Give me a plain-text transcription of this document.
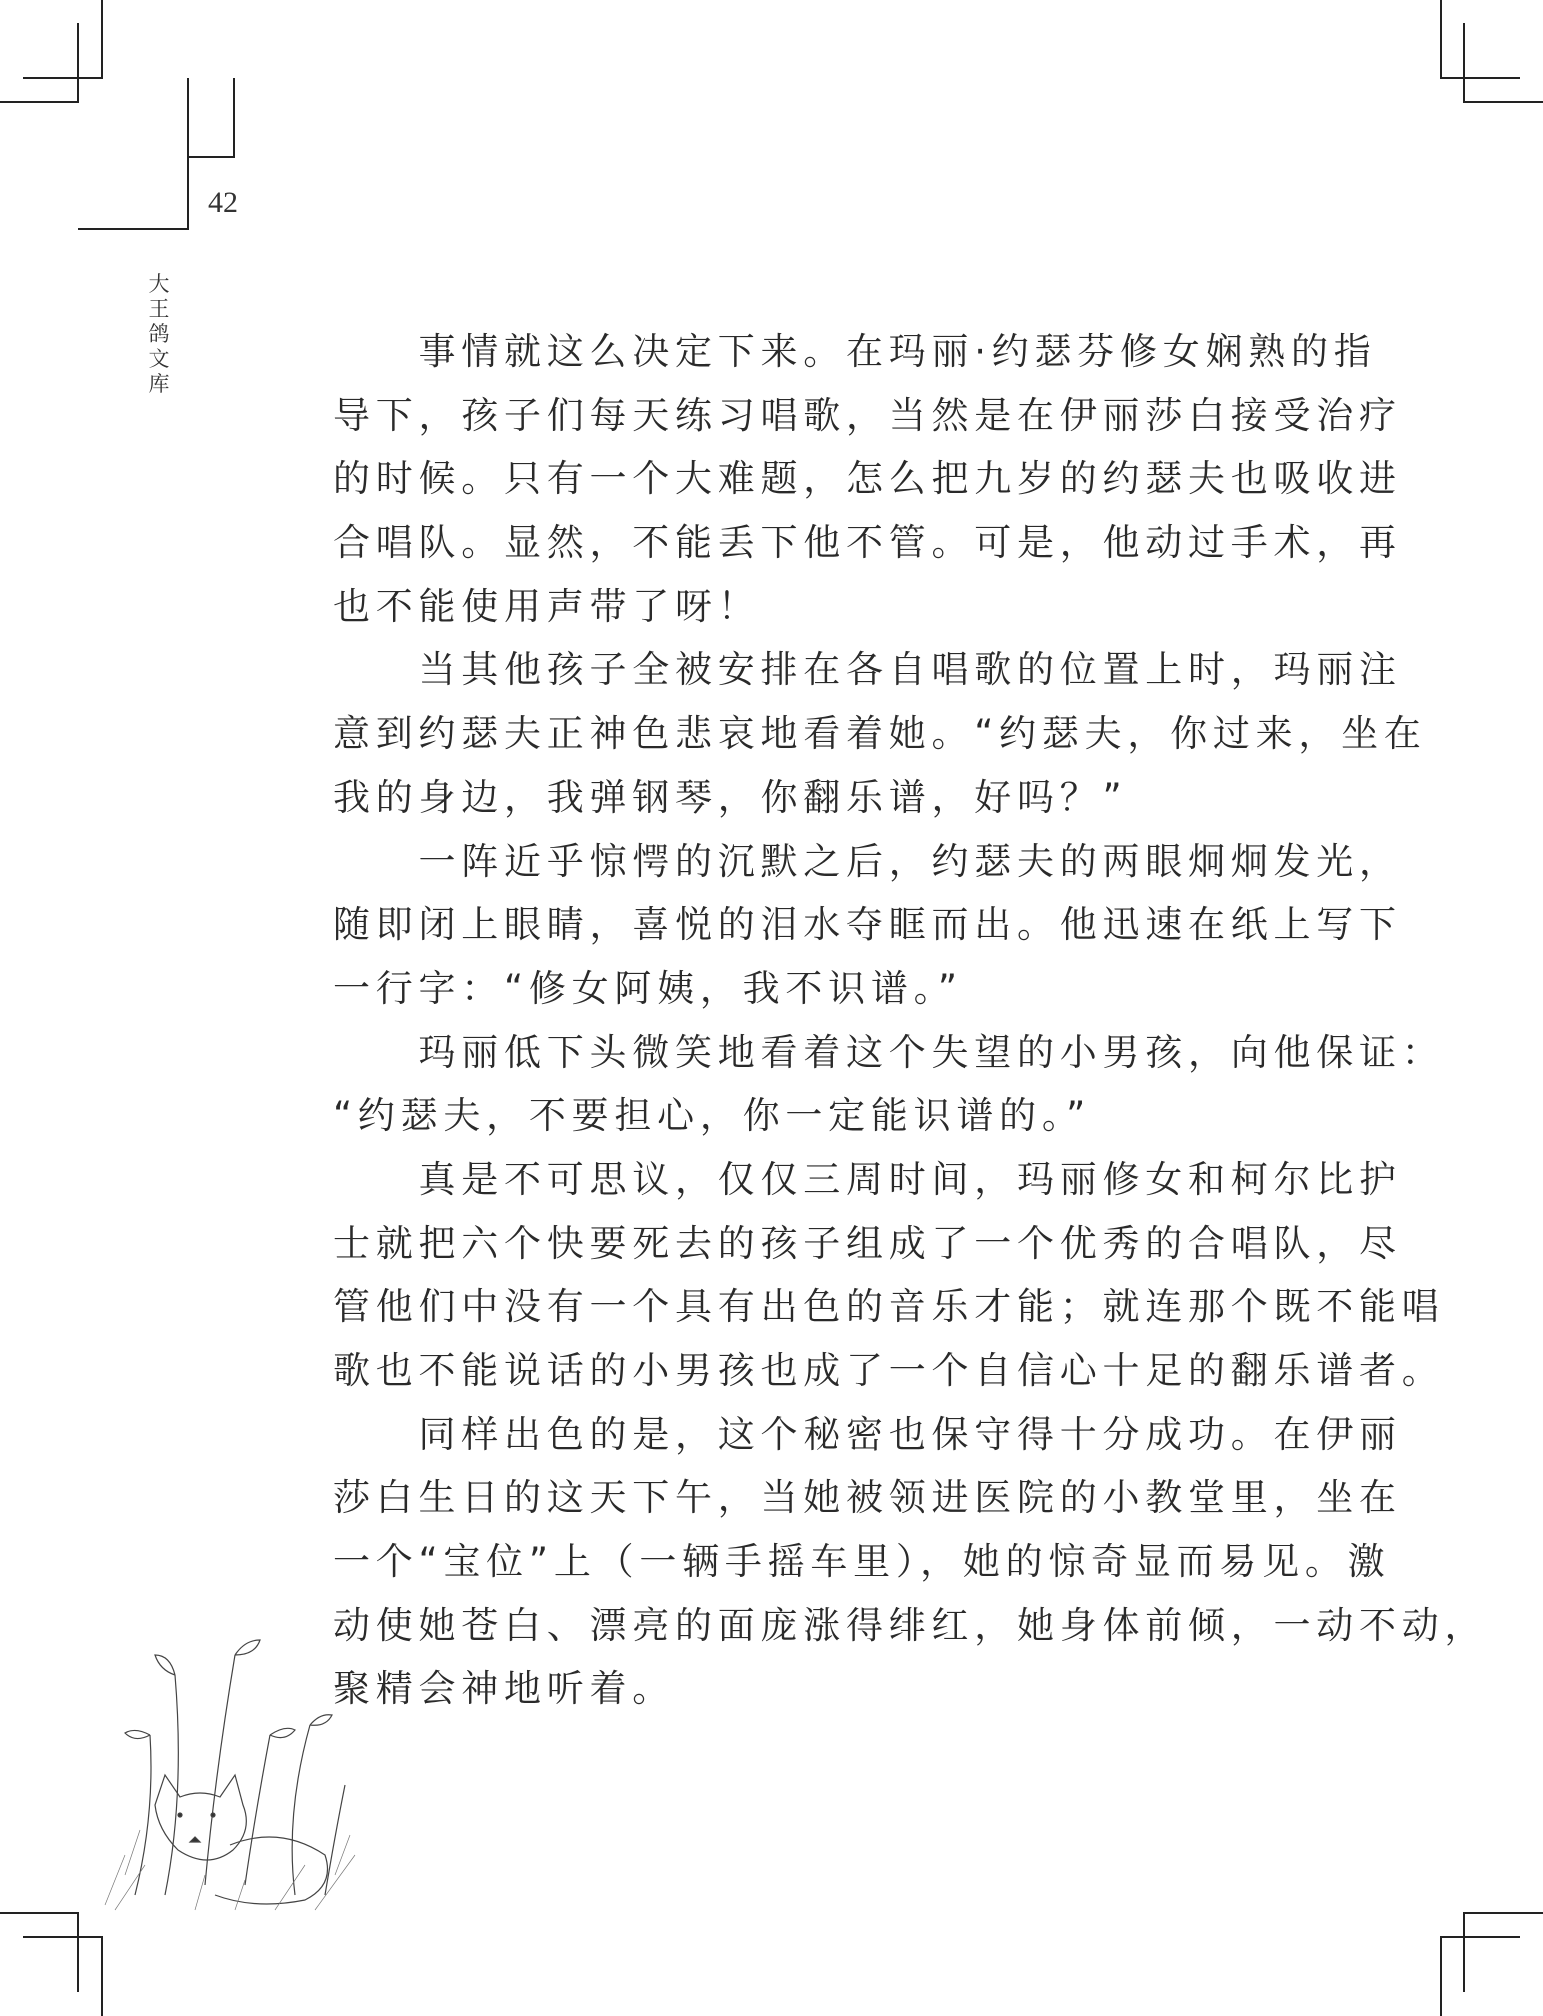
42
大
王
鸽
文
库
事情就这么决定下来。在玛丽·约瑟芬修女娴熟的指
导下，孩子们每天练习唱歌，当然是在伊丽莎白接受治疗
的时候。只有一个大难题，怎么把九岁的约瑟夫也吸收进
合唱队。显然，不能丢下他不管。可是，他动过手术，再
也不能使用声带了呀！
当其他孩子全被安排在各自唱歌的位置上时，玛丽注
意到约瑟夫正神色悲哀地看着她。“约瑟夫，你过来，坐在
我的身边，我弹钢琴，你翻乐谱，好吗？”
一阵近乎惊愕的沉默之后，约瑟夫的两眼炯炯发光，
随即闭上眼睛，喜悦的泪水夺眶而出。他迅速在纸上写下
一行字：“修女阿姨，我不识谱。”
玛丽低下头微笑地看着这个失望的小男孩，向他保证：
“约瑟夫，不要担心，你一定能识谱的。”
真是不可思议，仅仅三周时间，玛丽修女和柯尔比护
士就把六个快要死去的孩子组成了一个优秀的合唱队，尽
管他们中没有一个具有出色的音乐才能；就连那个既不能唱
歌也不能说话的小男孩也成了一个自信心十足的翻乐谱者。
同样出色的是，这个秘密也保守得十分成功。在伊丽
莎白生日的这天下午，当她被领进医院的小教堂里，坐在
一个“宝位”上（一辆手摇车里），她的惊奇显而易见。激
动使她苍白、漂亮的面庞涨得绯红，她身体前倾，一动不动，
聚精会神地听着。
